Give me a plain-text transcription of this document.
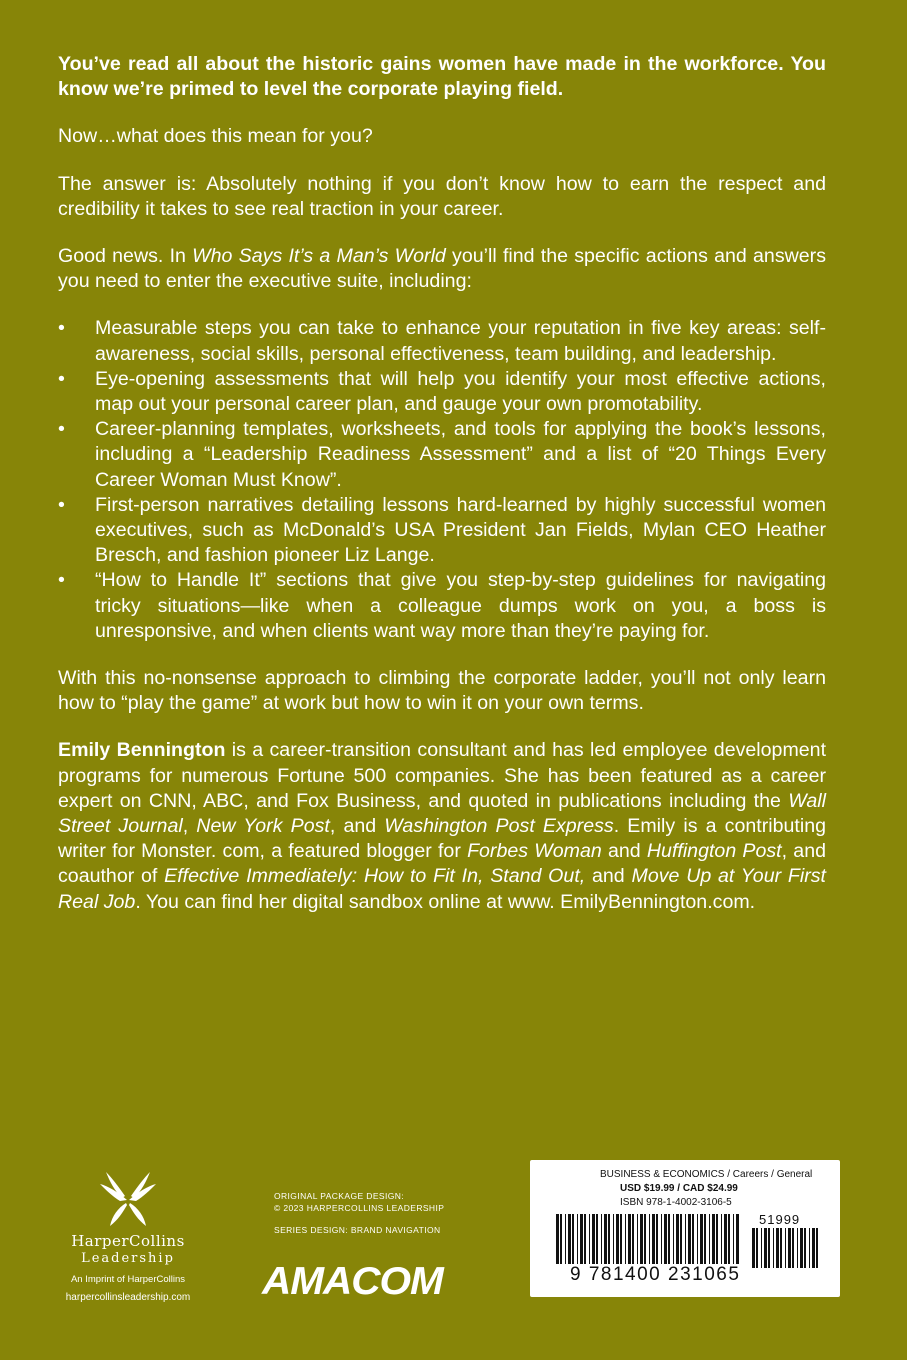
You’ve read all about the historic gains women have made in the workforce. You know we’re primed to level the corporate playing field.

Now…what does this mean for you?

The answer is: Absolutely nothing if you don’t know how to earn the respect and credibility it takes to see real traction in your career.

Good news. In Who Says It’s a Man’s World you’ll find the specific actions and answers you need to enter the executive suite, including:

• Measurable steps you can take to enhance your reputation in five key areas: self-awareness, social skills, personal effectiveness, team building, and leadership.
• Eye-opening assessments that will help you identify your most effective actions, map out your personal career plan, and gauge your own promotability.
• Career-planning templates, worksheets, and tools for applying the book’s lessons, including a “Leadership Readiness Assessment” and a list of “20 Things Every Career Woman Must Know”.
• First-person narratives detailing lessons hard-learned by highly successful women executives, such as McDonald’s USA President Jan Fields, Mylan CEO Heather Bresch, and fashion pioneer Liz Lange.
• “How to Handle It” sections that give you step-by-step guidelines for navigating tricky situations—like when a colleague dumps work on you, a boss is unresponsive, and when clients want way more than they’re paying for.

With this no-nonsense approach to climbing the corporate ladder, you’ll not only learn how to “play the game” at work but how to win it on your own terms.

Emily Bennington is a career-transition consultant and has led employee development programs for numerous Fortune 500 companies. She has been featured as a career expert on CNN, ABC, and Fox Business, and quoted in publications including the Wall Street Journal, New York Post, and Washington Post Express. Emily is a contributing writer for Monster. com, a featured blogger for Forbes Woman and Huffington Post, and coauthor of Effective Immediately: How to Fit In, Stand Out, and Move Up at Your First Real Job. You can find her digital sandbox online at www. EmilyBennington.com.

HarperCollins
Leadership
An Imprint of HarperCollins
harpercollinsleadership.com
ORIGINAL PACKAGE DESIGN:
© 2023 HARPERCOLLINS LEADERSHIP
SERIES DESIGN: BRAND NAVIGATION
AMACOM
BUSINESS & ECONOMICS / Careers / General
USD $19.99 / CAD $24.99
ISBN 978-1-4002-3106-5
9 781400 231065
51999
